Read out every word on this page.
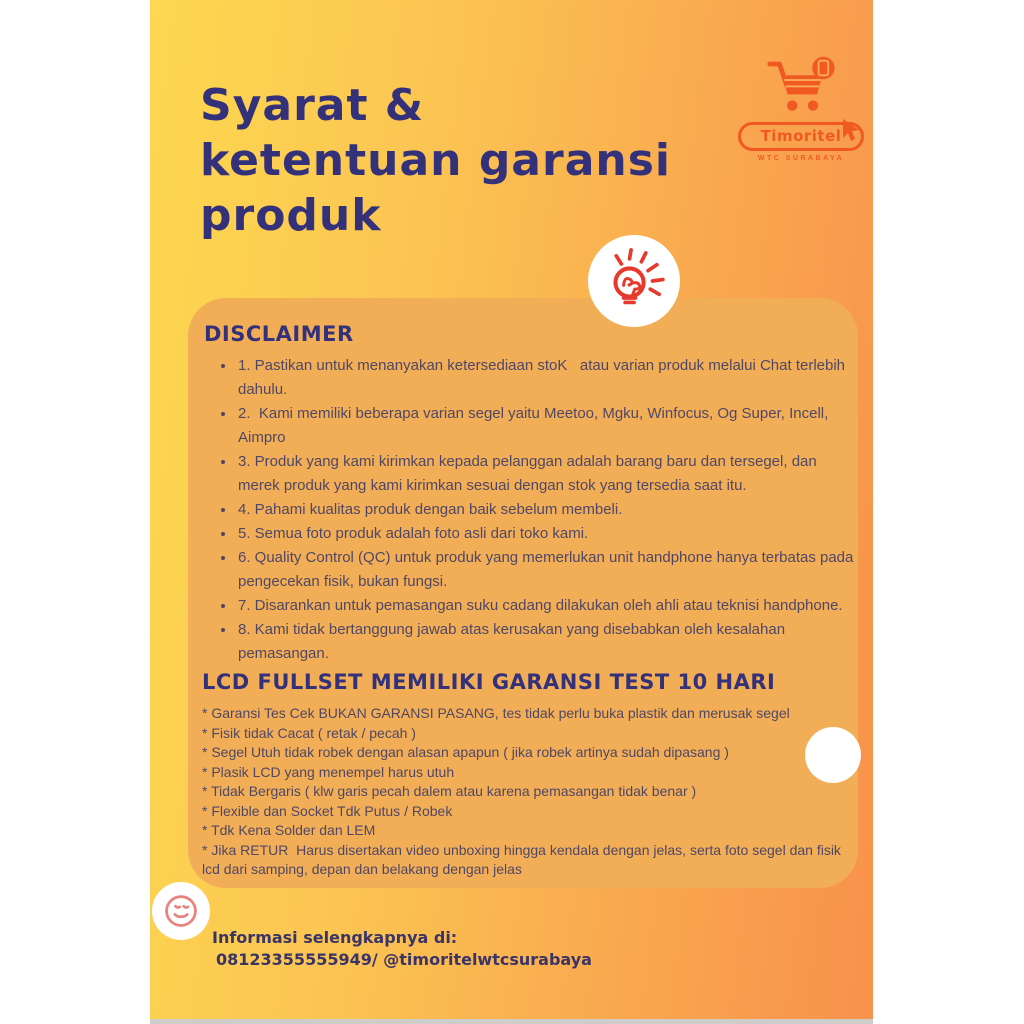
Syarat &
ketentuan garansi
produk
Timoritel
WTC SURABAYA
DISCLAIMER
• 1. Pastikan untuk menanyakan ketersediaan stoK   atau varian produk melalui Chat terlebih dahulu.
• 2.  Kami memiliki beberapa varian segel yaitu Meetoo, Mgku, Winfocus, Og Super, Incell, Aimpro
• 3. Produk yang kami kirimkan kepada pelanggan adalah barang baru dan tersegel, dan merek produk yang kami kirimkan sesuai dengan stok yang tersedia saat itu.
• 4. Pahami kualitas produk dengan baik sebelum membeli.
• 5. Semua foto produk adalah foto asli dari toko kami.
• 6. Quality Control (QC) untuk produk yang memerlukan unit handphone hanya terbatas pada pengecekan fisik, bukan fungsi.
• 7. Disarankan untuk pemasangan suku cadang dilakukan oleh ahli atau teknisi handphone.
• 8. Kami tidak bertanggung jawab atas kerusakan yang disebabkan oleh kesalahan pemasangan.
LCD FULLSET MEMILIKI GARANSI TEST 10 HARI
* Garansi Tes Cek BUKAN GARANSI PASANG, tes tidak perlu buka plastik dan merusak segel
* Fisik tidak Cacat ( retak / pecah )
* Segel Utuh tidak robek dengan alasan apapun ( jika robek artinya sudah dipasang )
* Plasik LCD yang menempel harus utuh
* Tidak Bergaris ( klw garis pecah dalem atau karena pemasangan tidak benar )
* Flexible dan Socket Tdk Putus / Robek
* Tdk Kena Solder dan LEM
* Jika RETUR  Harus disertakan video unboxing hingga kendala dengan jelas, serta foto segel dan fisik lcd dari samping, depan dan belakang dengan jelas
Informasi selengkapnya di:
08123355555949/ @timoritelwtcsurabaya
